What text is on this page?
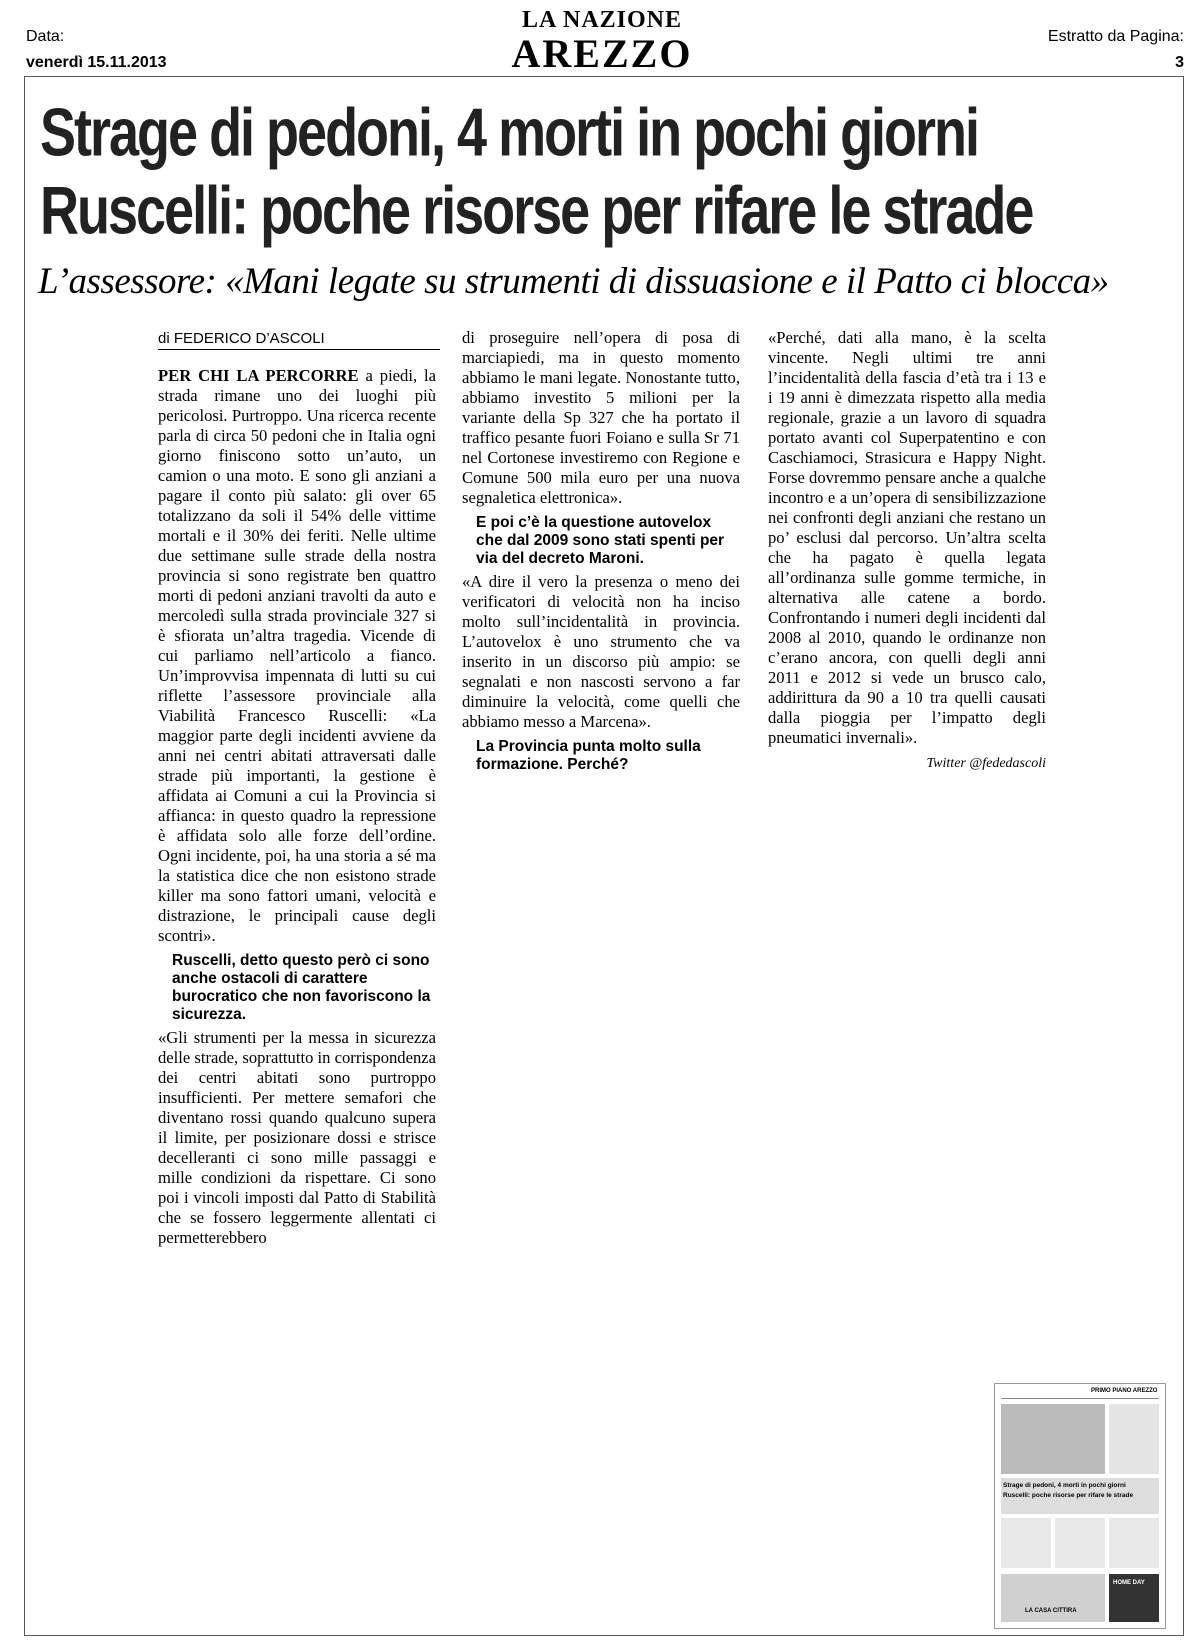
Data:
venerdì 15.11.2013
LA NAZIONE
AREZZO	Estratto da Pagina:
3
Strage di pedoni, 4 morti in pochi giorni
Ruscelli: poche risorse per rifare le strade
L’assessore: «Mani legate su strumenti di dissuasione e il Patto ci blocca»
di FEDERICO D’ASCOLI

PER CHI LA PERCORRE a piedi, la strada rimane uno dei luoghi più pericolosi. Purtroppo. Una ricerca recente parla di circa 50 pedoni che in Italia ogni giorno finiscono sotto un’auto, un camion o una moto. E sono gli anziani a pagare il conto più salato: gli over 65 totalizzano da soli il 54% delle vittime mortali e il 30% dei feriti. Nelle ultime due settimane sulle strade della nostra provincia si sono registrate ben quattro morti di pedoni anziani travolti da auto e mercoledì sulla strada provinciale 327 si è sfiorata un’altra tragedia. Vicende di cui parliamo nell’articolo a fianco. Un’improvvisa impennata di lutti su cui riflette l’assessore provinciale alla Viabilità Francesco Ruscelli: «La maggior parte degli incidenti avviene da anni nei centri abitati attraversati dalle strade più importanti, la gestione è affidata ai Comuni a cui la Provincia si affianca: in questo quadro la repressione è affidata solo alle forze dell’ordine. Ogni incidente, poi, ha una storia a sé ma la statistica dice che non esistono strade killer ma sono fattori umani, velocità e distrazione, le principali cause degli scontri».

Ruscelli, detto questo però ci sono anche ostacoli di carattere burocratico che non favoriscono la sicurezza.

«Gli strumenti per la messa in sicurezza delle strade, soprattutto in corrispondenza dei centri abitati sono purtroppo insufficienti. Per mettere semafori che diventano rossi quando qualcuno supera il limite, per posizionare dossi e strisce decelleranti ci sono mille passaggi e mille condizioni da rispettare. Ci sono poi i vincoli imposti dal Patto di Stabilità che se fossero leggermente allentati ci permetterebbero

di proseguire nell’opera di posa di marciapiedi, ma in questo momento abbiamo le mani legate. Nonostante tutto, abbiamo investito 5 milioni per la variante della Sp 327 che ha portato il traffico pesante fuori Foiano e sulla Sr 71 nel Cortonese investiremo con Regione e Comune 500 mila euro per una nuova segnaletica elettronica».

E poi c’è la questione autovelox che dal 2009 sono stati spenti per via del decreto Maroni.

«A dire il vero la presenza o meno dei verificatori di velocità non ha inciso molto sull’incidentalità in provincia. L’autovelox è uno strumento che va inserito in un discorso più ampio: se segnalati e non nascosti servono a far diminuire la velocità, come quelli che abbiamo messo a Marcena».

La Provincia punta molto sulla formazione. Perché?

«Perché, dati alla mano, è la scelta vincente. Negli ultimi tre anni l’incidentalità della fascia d’età tra i 13 e i 19 anni è dimezzata rispetto alla media regionale, grazie a un lavoro di squadra portato avanti col Superpatentino e con Caschiamoci, Strasicura e Happy Night. Forse dovremmo pensare anche a qualche incontro e a un’opera di sensibilizzazione nei confronti degli anziani che restano un po’ esclusi dal percorso. Un’altra scelta che ha pagato è quella legata all’ordinanza sulle gomme termiche, in alternativa alle catene a bordo. Confrontando i numeri degli incidenti dal 2008 al 2010, quando le ordinanze non c’erano ancora, con quelli degli anni 2011 e 2012 si vede un brusco calo, addirittura da 90 a 10 tra quelli causati dalla pioggia per l’impatto degli pneumatici invernali».

Twitter @fededascoli
PRIMO PIANO AREZZO
Strage di pedoni, 4 morti in pochi giorni
Ruscelli: poche risorse per rifare le strade
LA CASA CITTIRA
HOME DAY
